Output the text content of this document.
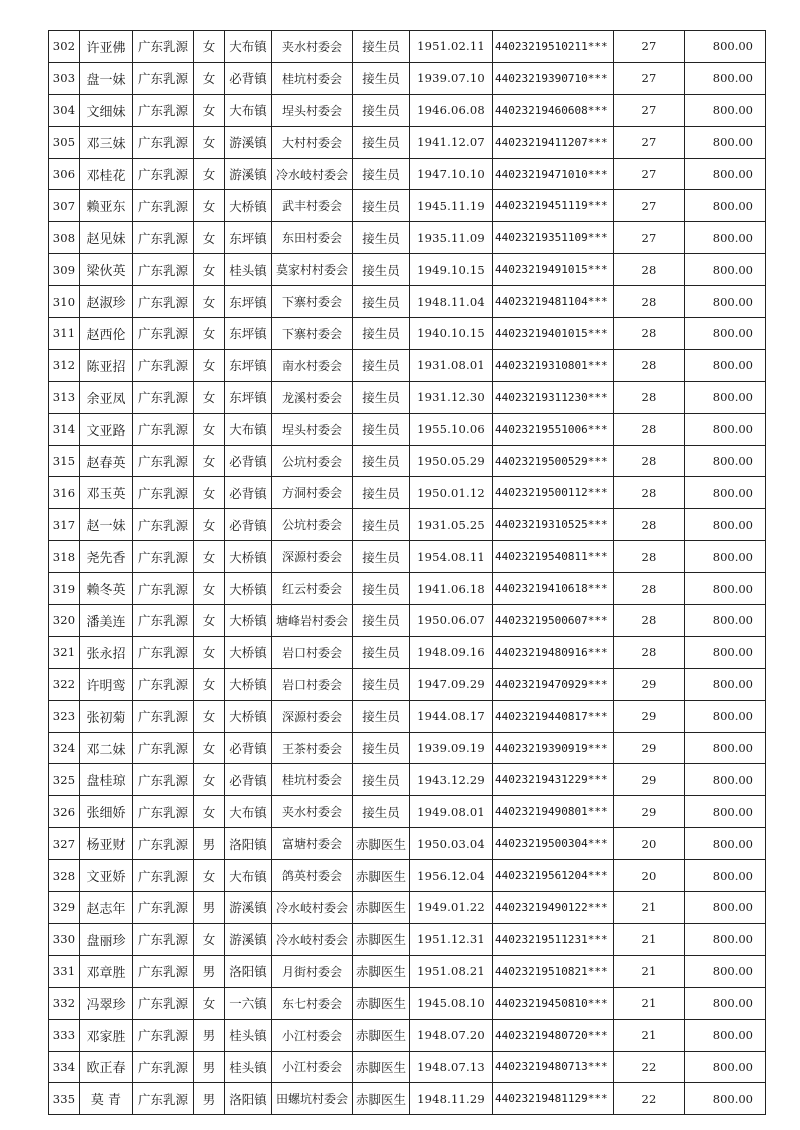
302	许亚佛	广东乳源	女	大布镇	夹水村委会	接生员	1951.02.11	44023219510211***	27	800.00
303	盘一妹	广东乳源	女	必背镇	桂坑村委会	接生员	1939.07.10	44023219390710***	27	800.00
304	文细妹	广东乳源	女	大布镇	埕头村委会	接生员	1946.06.08	44023219460608***	27	800.00
305	邓三妹	广东乳源	女	游溪镇	大村村委会	接生员	1941.12.07	44023219411207***	27	800.00
306	邓桂花	广东乳源	女	游溪镇	冷水岐村委会	接生员	1947.10.10	44023219471010***	27	800.00
307	赖亚东	广东乳源	女	大桥镇	武丰村委会	接生员	1945.11.19	44023219451119***	27	800.00
308	赵见妹	广东乳源	女	东坪镇	东田村委会	接生员	1935.11.09	44023219351109***	27	800.00
309	梁伙英	广东乳源	女	桂头镇	莫家村村委会	接生员	1949.10.15	44023219491015***	28	800.00
310	赵淑珍	广东乳源	女	东坪镇	下寨村委会	接生员	1948.11.04	44023219481104***	28	800.00
311	赵西伦	广东乳源	女	东坪镇	下寨村委会	接生员	1940.10.15	44023219401015***	28	800.00
312	陈亚招	广东乳源	女	东坪镇	南水村委会	接生员	1931.08.01	44023219310801***	28	800.00
313	余亚凤	广东乳源	女	东坪镇	龙溪村委会	接生员	1931.12.30	44023219311230***	28	800.00
314	文亚路	广东乳源	女	大布镇	埕头村委会	接生员	1955.10.06	44023219551006***	28	800.00
315	赵春英	广东乳源	女	必背镇	公坑村委会	接生员	1950.05.29	44023219500529***	28	800.00
316	邓玉英	广东乳源	女	必背镇	方洞村委会	接生员	1950.01.12	44023219500112***	28	800.00
317	赵一妹	广东乳源	女	必背镇	公坑村委会	接生员	1931.05.25	44023219310525***	28	800.00
318	尧先香	广东乳源	女	大桥镇	深源村委会	接生员	1954.08.11	44023219540811***	28	800.00
319	赖冬英	广东乳源	女	大桥镇	红云村委会	接生员	1941.06.18	44023219410618***	28	800.00
320	潘美连	广东乳源	女	大桥镇	塘峰岩村委会	接生员	1950.06.07	44023219500607***	28	800.00
321	张永招	广东乳源	女	大桥镇	岩口村委会	接生员	1948.09.16	44023219480916***	28	800.00
322	许明鸾	广东乳源	女	大桥镇	岩口村委会	接生员	1947.09.29	44023219470929***	29	800.00
323	张初菊	广东乳源	女	大桥镇	深源村委会	接生员	1944.08.17	44023219440817***	29	800.00
324	邓二妹	广东乳源	女	必背镇	王茶村委会	接生员	1939.09.19	44023219390919***	29	800.00
325	盘桂琼	广东乳源	女	必背镇	桂坑村委会	接生员	1943.12.29	44023219431229***	29	800.00
326	张细娇	广东乳源	女	大布镇	夹水村委会	接生员	1949.08.01	44023219490801***	29	800.00
327	杨亚财	广东乳源	男	洛阳镇	富塘村委会	赤脚医生	1950.03.04	44023219500304***	20	800.00
328	文亚娇	广东乳源	女	大布镇	鸽英村委会	赤脚医生	1956.12.04	44023219561204***	20	800.00
329	赵志年	广东乳源	男	游溪镇	冷水岐村委会	赤脚医生	1949.01.22	44023219490122***	21	800.00
330	盘丽珍	广东乳源	女	游溪镇	冷水岐村委会	赤脚医生	1951.12.31	44023219511231***	21	800.00
331	邓章胜	广东乳源	男	洛阳镇	月街村委会	赤脚医生	1951.08.21	44023219510821***	21	800.00
332	冯翠珍	广东乳源	女	一六镇	东七村委会	赤脚医生	1945.08.10	44023219450810***	21	800.00
333	邓家胜	广东乳源	男	桂头镇	小江村委会	赤脚医生	1948.07.20	44023219480720***	21	800.00
334	欧正春	广东乳源	男	桂头镇	小江村委会	赤脚医生	1948.07.13	44023219480713***	22	800.00
335	莫 青	广东乳源	男	洛阳镇	田螺坑村委会	赤脚医生	1948.11.29	44023219481129***	22	800.00
